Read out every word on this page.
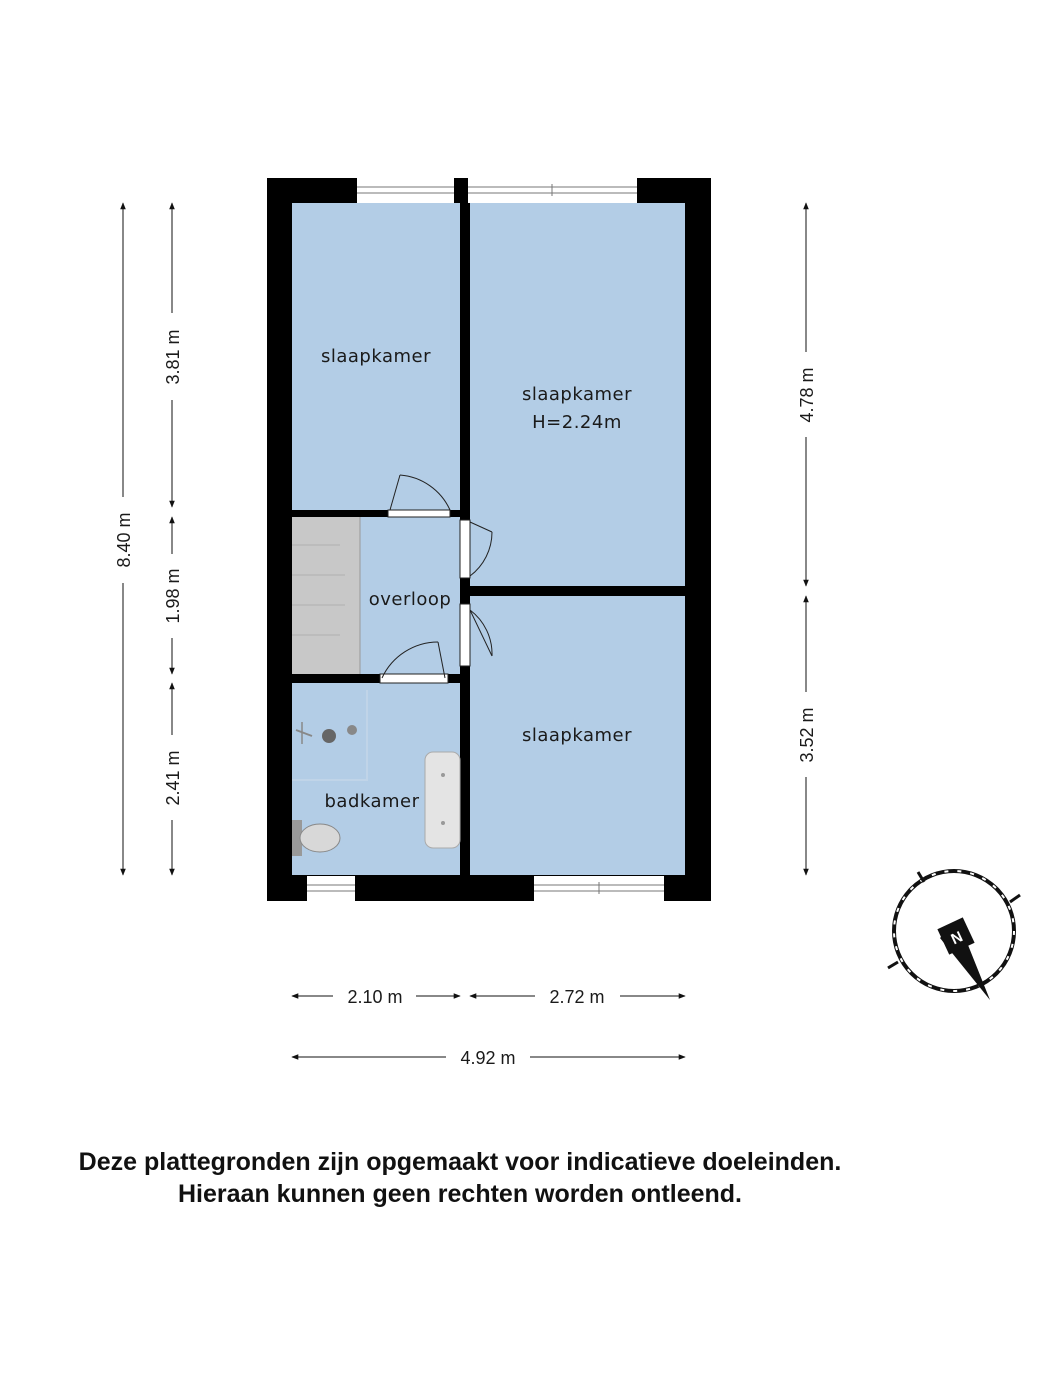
slaapkamer
slaapkamer
H=2.24m
overloop
badkamer
slaapkamer
8.40 m
3.81 m
1.98 m
2.41 m
4.78 m
3.52 m
2.10 m	2.72 m
4.92 m
N
Deze plattegronden zijn opgemaakt voor indicatieve doeleinden.
Hieraan kunnen geen rechten worden ontleend.
